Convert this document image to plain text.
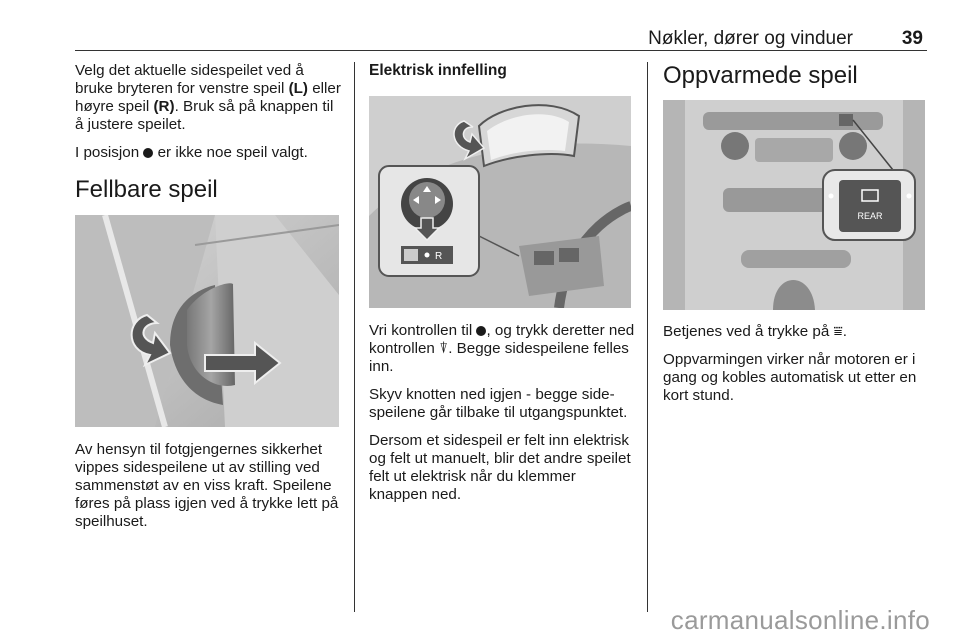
Nøkler, dører og vinduer	39

Velg det aktuelle sidespeilet ved å bruke bryteren for venstre speil (L) eller høyre speil (R). Bruk så på knappen til å justere speilet.

I posisjon  er ikke noe speil valgt.

Fellbare speil

Av hensyn til fotgjengernes sikkerhet vippes sidespeilene ut av stilling ved sammenstøt av en viss kraft. Speilene føres på plass igjen ved å trykke lett på speilhuset.

Elektrisk innfelling
R

Vri kontrollen til , og trykk deretter ned kontrollen ⍒. Begge sidespeilene felles inn.

Skyv knotten ned igjen - begge sidespeilene går tilbake til utgangspunktet.

Dersom et sidespeil er felt inn elektrisk og felt ut manuelt, blir det andre speilet felt ut elektrisk når du klemmer knappen ned.

Oppvarmede speil
REAR

Betjenes ved å trykke på ⩸.

Oppvarmingen virker når motoren er i gang og kobles automatisk ut etter en kort stund.

carmanualsonline.info
